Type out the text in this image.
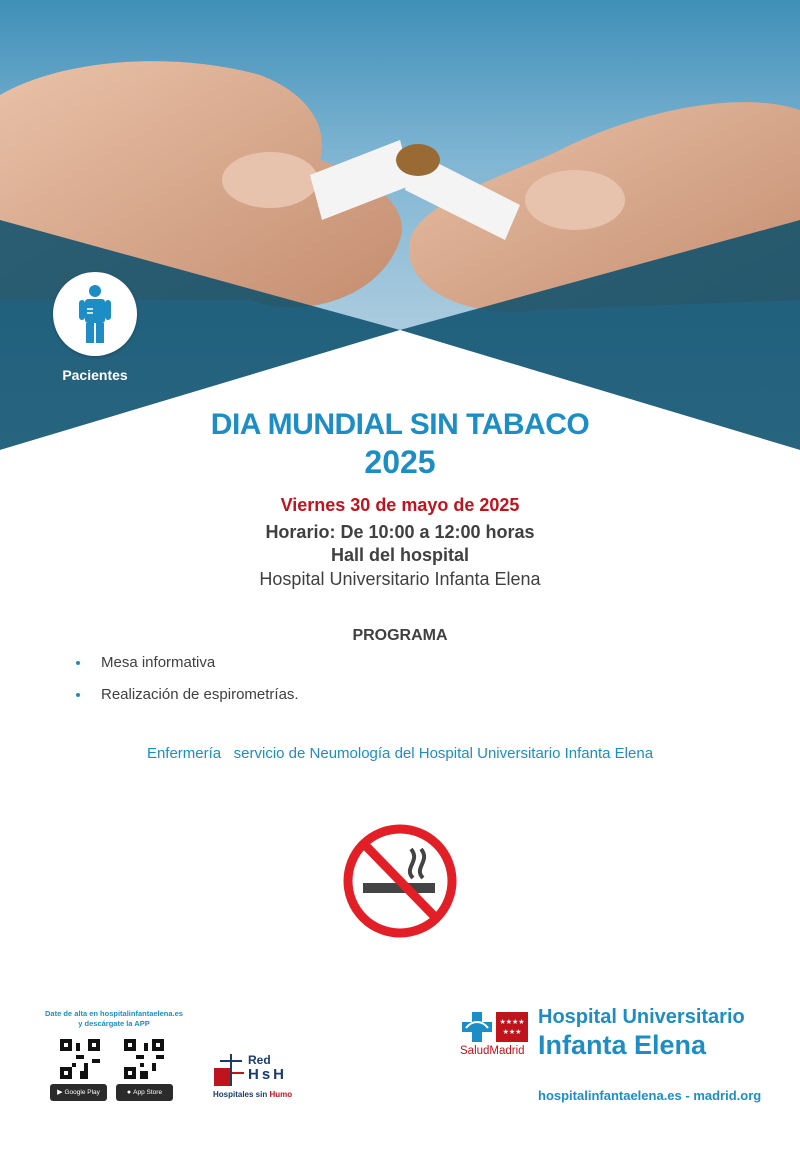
Pacientes
DIA MUNDIAL SIN TABACO
2025
Viernes 30 de mayo de 2025
Horario: De 10:00 a 12:00 horas
Hall del hospital
Hospital Universitario Infanta Elena
PROGRAMA
Mesa informativa
Realización de espirometrías.
Enfermería   servicio de Neumología del Hospital Universitario Infanta Elena
Date de alta en hospitalinfantaelena.es
y descárgate la APP
▶ Google Play	● App Store
Red
HsH
Hospitales sin Humo
★★★★
★★★
SaludMadrid
Hospital Universitario
Infanta Elena
hospitalinfantaelena.es - madrid.org
